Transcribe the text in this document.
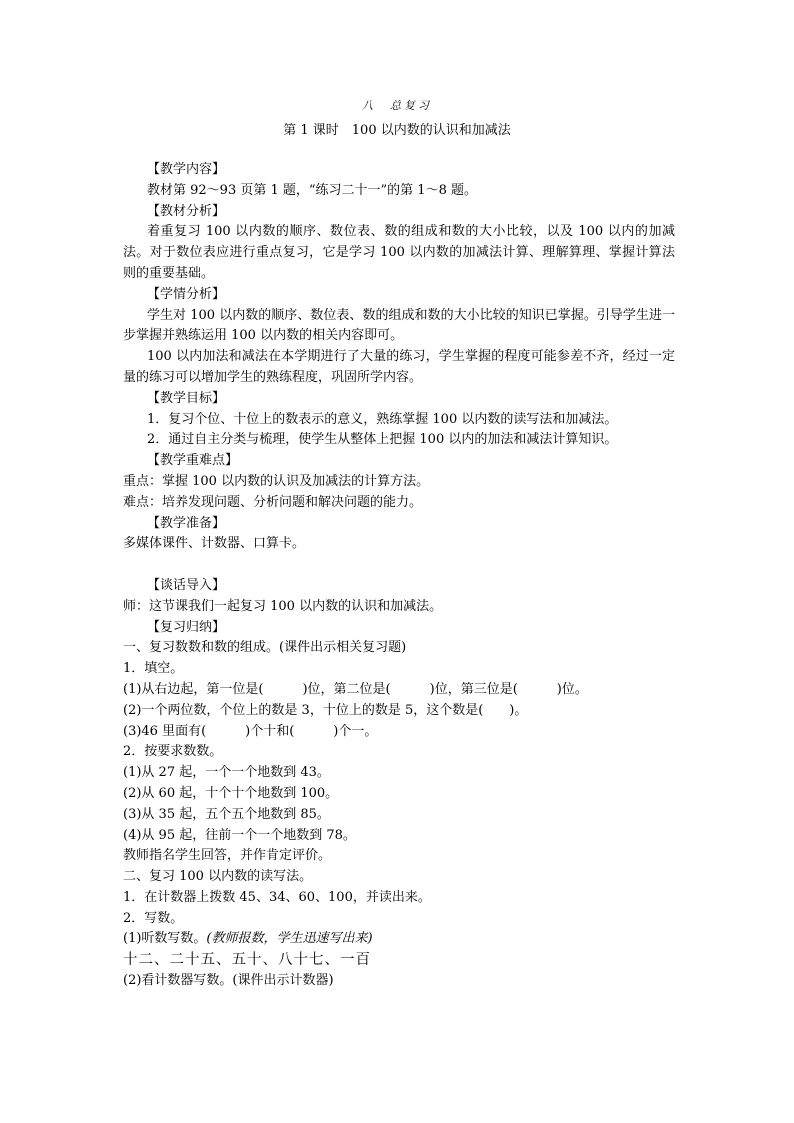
八　总复习
第 1 课时　100 以内数的认识和加减法
【教学内容】
教材第 92～93 页第 1 题，“练习二十一”的第 1～8 题。
【教材分析】
着重复习 100 以内数的顺序、数位表、数的组成和数的大小比较，以及 100 以内的加减法。对于数位表应进行重点复习，它是学习 100 以内数的加减法计算、理解算理、掌握计算法则的重要基础。
【学情分析】
学生对 100 以内数的顺序、数位表、数的组成和数的大小比较的知识已掌握。引导学生进一步掌握并熟练运用 100 以内数的相关内容即可。
100 以内加法和减法在本学期进行了大量的练习，学生掌握的程度可能参差不齐，经过一定量的练习可以增加学生的熟练程度，巩固所学内容。
【教学目标】
1．复习个位、十位上的数表示的意义，熟练掌握 100 以内数的读写法和加减法。
2．通过自主分类与梳理，使学生从整体上把握 100 以内的加法和减法计算知识。
【教学重难点】
重点：掌握 100 以内数的认识及加减法的计算方法。
难点：培养发现问题、分析问题和解决问题的能力。
【教学准备】
多媒体课件、计数器、口算卡。
【谈话导入】
师：这节课我们一起复习 100 以内数的认识和加减法。
【复习归纳】
一、复习数数和数的组成。(课件出示相关复习题)
1．填空。
(1)从右边起，第一位是(　　　)位，第二位是(　　　)位，第三位是(　　　)位。
(2)一个两位数，个位上的数是 3，十位上的数是 5，这个数是(　　)。
(3)46 里面有(　　　)个十和(　　　)个一。
2．按要求数数。
(1)从 27 起，一个一个地数到 43。
(2)从 60 起，十个十个地数到 100。
(3)从 35 起，五个五个地数到 85。
(4)从 95 起，往前一个一个地数到 78。
教师指名学生回答，并作肯定评价。
二、复习 100 以内数的读写法。
1．在计数器上拨数 45、34、60、100，并读出来。
2．写数。
(1)听数写数。(教师报数，学生迅速写出来)
十二、二十五、五十、八十七、一百
(2)看计数器写数。(课件出示计数器)
